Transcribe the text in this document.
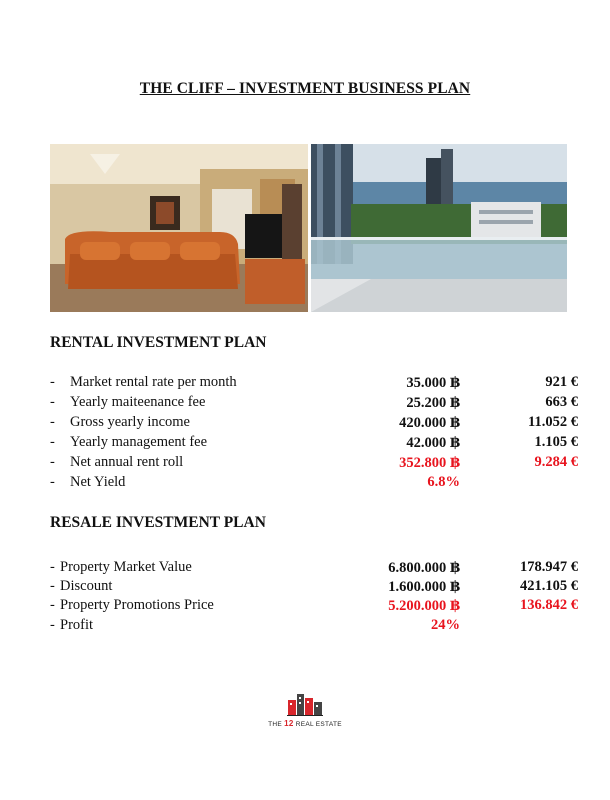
THE CLIFF – INVESTMENT BUSINESS PLAN
RENTAL INVESTMENT PLAN
- Market rental rate per month	35.000 ฿	921 €
- Yearly maiteenance fee	25.200 ฿	663 €
- Gross yearly income	420.000 ฿	11.052 €
- Yearly management fee	42.000 ฿	1.105 €
- Net annual rent roll	352.800 ฿	9.284 €
- Net Yield	6.8%
RESALE INVESTMENT PLAN
- Property Market Value	6.800.000 ฿	178.947 €
- Discount	1.600.000 ฿	421.105 €
- Property Promotions Price	5.200.000 ฿	136.842 €
- Profit	24%
THE 12 REAL ESTATE
